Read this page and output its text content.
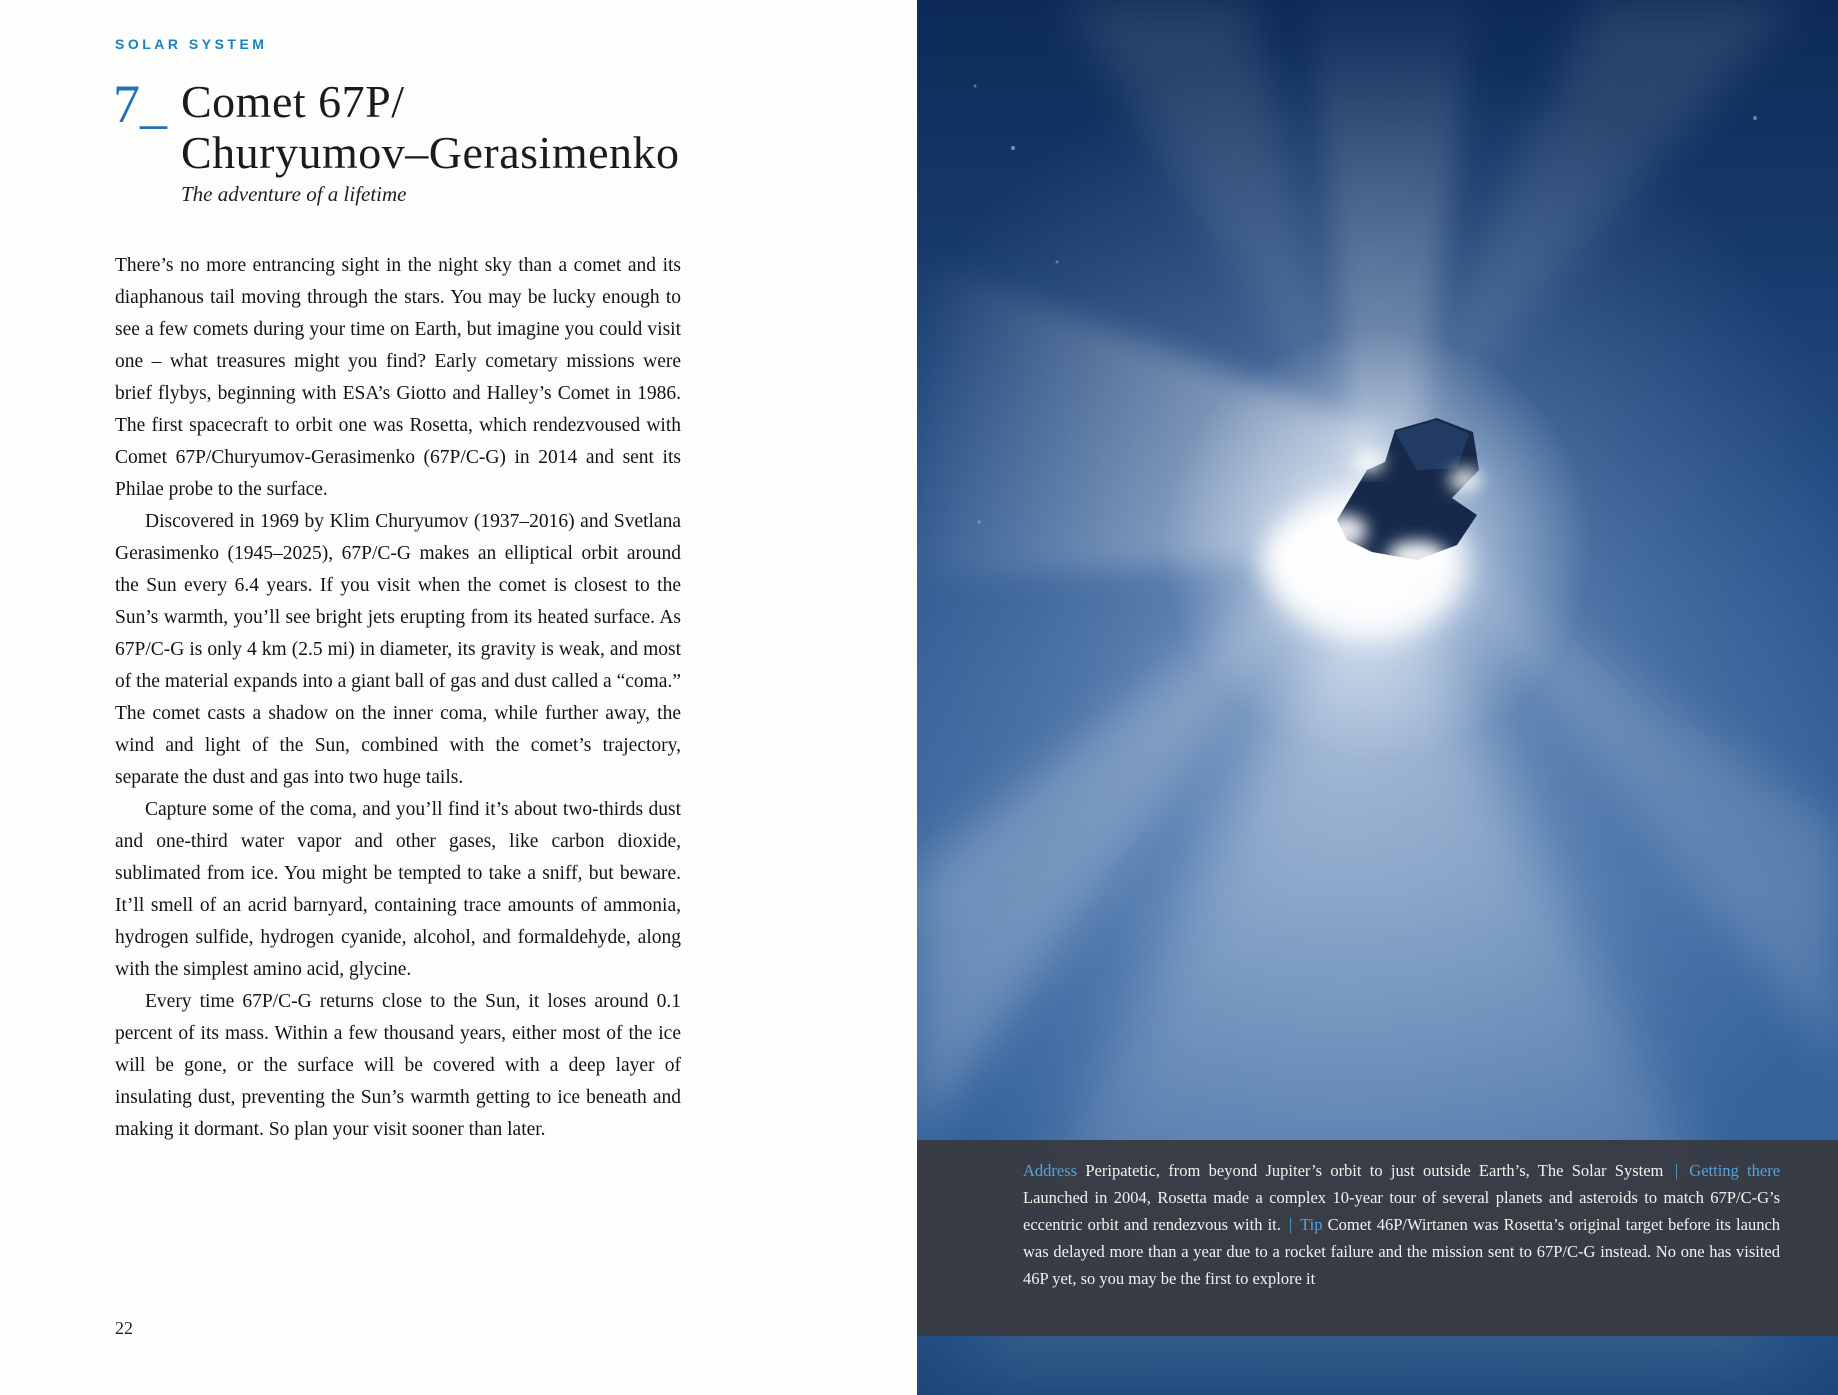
SOLAR SYSTEM
7_ Comet 67P/
Churyumov–Gerasimenko
The adventure of a lifetime

There’s no more entrancing sight in the night sky than a comet and its diaphanous tail moving through the stars. You may be lucky enough to see a few comets during your time on Earth, but imagine you could visit one – what treasures might you find? Early cometary missions were brief flybys, beginning with ESA’s Giotto and Halley’s Comet in 1986. The first spacecraft to orbit one was Rosetta, which rendezvoused with Comet 67P/Churyumov-Gerasimenko (67P/C-G) in 2014 and sent its Philae probe to the surface.

Discovered in 1969 by Klim Churyumov (1937–2016) and Svetlana Gerasimenko (1945–2025), 67P/C-G makes an elliptical orbit around the Sun every 6.4 years. If you visit when the comet is closest to the Sun’s warmth, you’ll see bright jets erupting from its heated surface. As 67P/C-G is only 4 km (2.5 mi) in diameter, its gravity is weak, and most of the material expands into a giant ball of gas and dust called a “coma.” The comet casts a shadow on the inner coma, while further away, the wind and light of the Sun, combined with the comet’s trajectory, separate the dust and gas into two huge tails.

Capture some of the coma, and you’ll find it’s about two-thirds dust and one-third water vapor and other gases, like carbon dioxide, sublimated from ice. You might be tempted to take a sniff, but beware. It’ll smell of an acrid barnyard, containing trace amounts of ammonia, hydrogen sulfide, hydrogen cyanide, alcohol, and formaldehyde, along with the simplest amino acid, glycine.

Every time 67P/C-G returns close to the Sun, it loses around 0.1 percent of its mass. Within a few thousand years, either most of the ice will be gone, or the surface will be covered with a deep layer of insulating dust, preventing the Sun’s warmth getting to ice beneath and making it dormant. So plan your visit sooner than later.

22
Address Peripatetic, from beyond Jupiter’s orbit to just outside Earth’s, The Solar System | Getting there Launched in 2004, Rosetta made a complex 10-year tour of several planets and asteroids to match 67P/C-G’s eccentric orbit and rendezvous with it. | Tip Comet 46P/Wirtanen was Rosetta’s original target before its launch was delayed more than a year due to a rocket failure and the mission sent to 67P/C-G instead. No one has visited 46P yet, so you may be the first to explore it
